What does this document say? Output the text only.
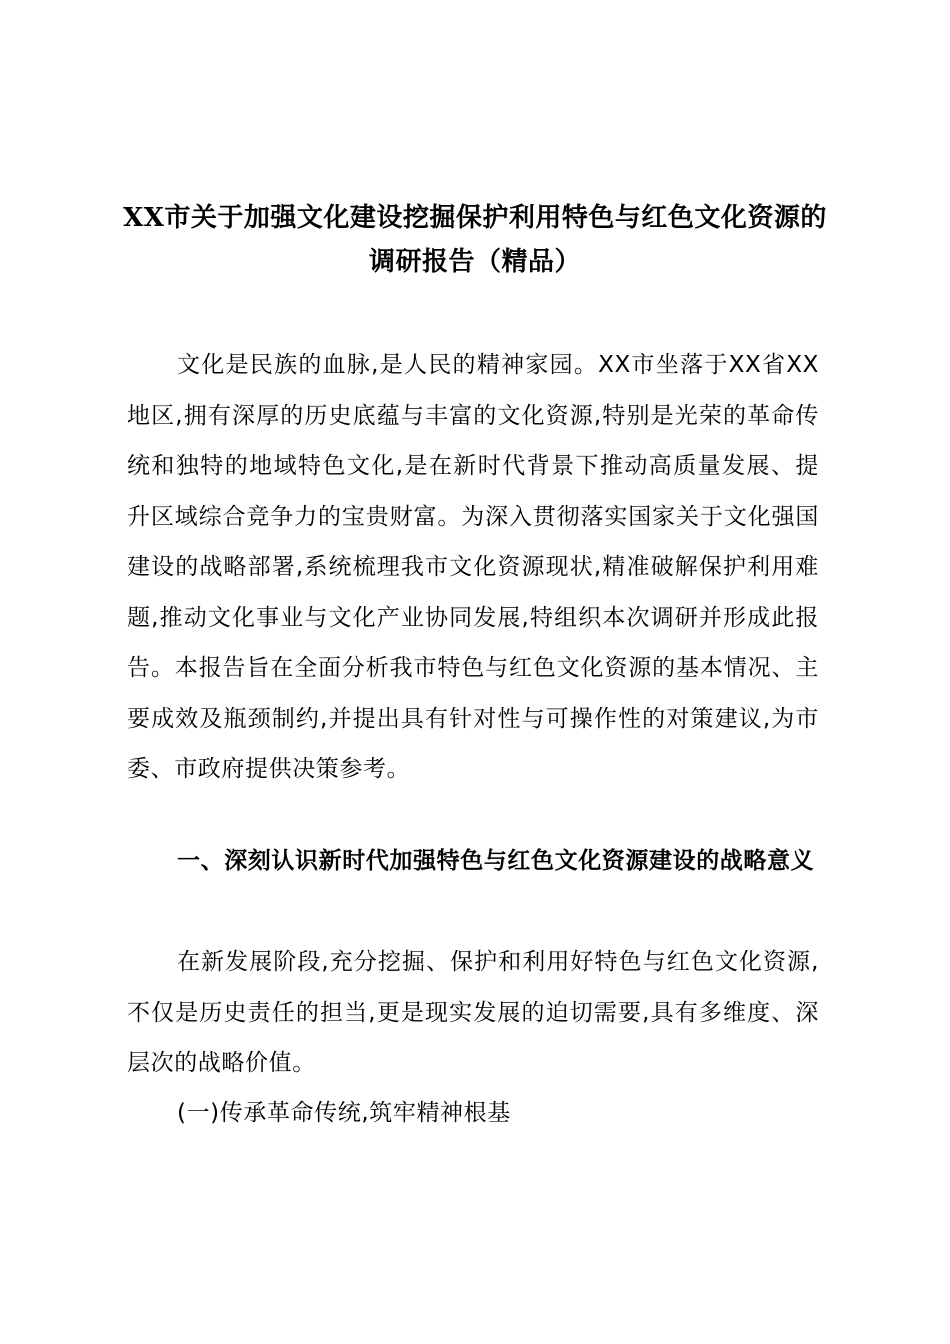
XX市关于加强文化建设挖掘保护利用特色与红色文化资源的调研报告（精品）

文化是民族的血脉,是人民的精神家园。XX市坐落于XX省XX地区,拥有深厚的历史底蕴与丰富的文化资源,特别是光荣的革命传统和独特的地域特色文化,是在新时代背景下推动高质量发展、提升区域综合竞争力的宝贵财富。为深入贯彻落实国家关于文化强国建设的战略部署,系统梳理我市文化资源现状,精准破解保护利用难题,推动文化事业与文化产业协同发展,特组织本次调研并形成此报告。本报告旨在全面分析我市特色与红色文化资源的基本情况、主要成效及瓶颈制约,并提出具有针对性与可操作性的对策建议,为市委、市政府提供决策参考。

一、深刻认识新时代加强特色与红色文化资源建设的战略意义

在新发展阶段,充分挖掘、保护和利用好特色与红色文化资源,不仅是历史责任的担当,更是现实发展的迫切需要,具有多维度、深层次的战略价值。

(一)传承革命传统,筑牢精神根基
